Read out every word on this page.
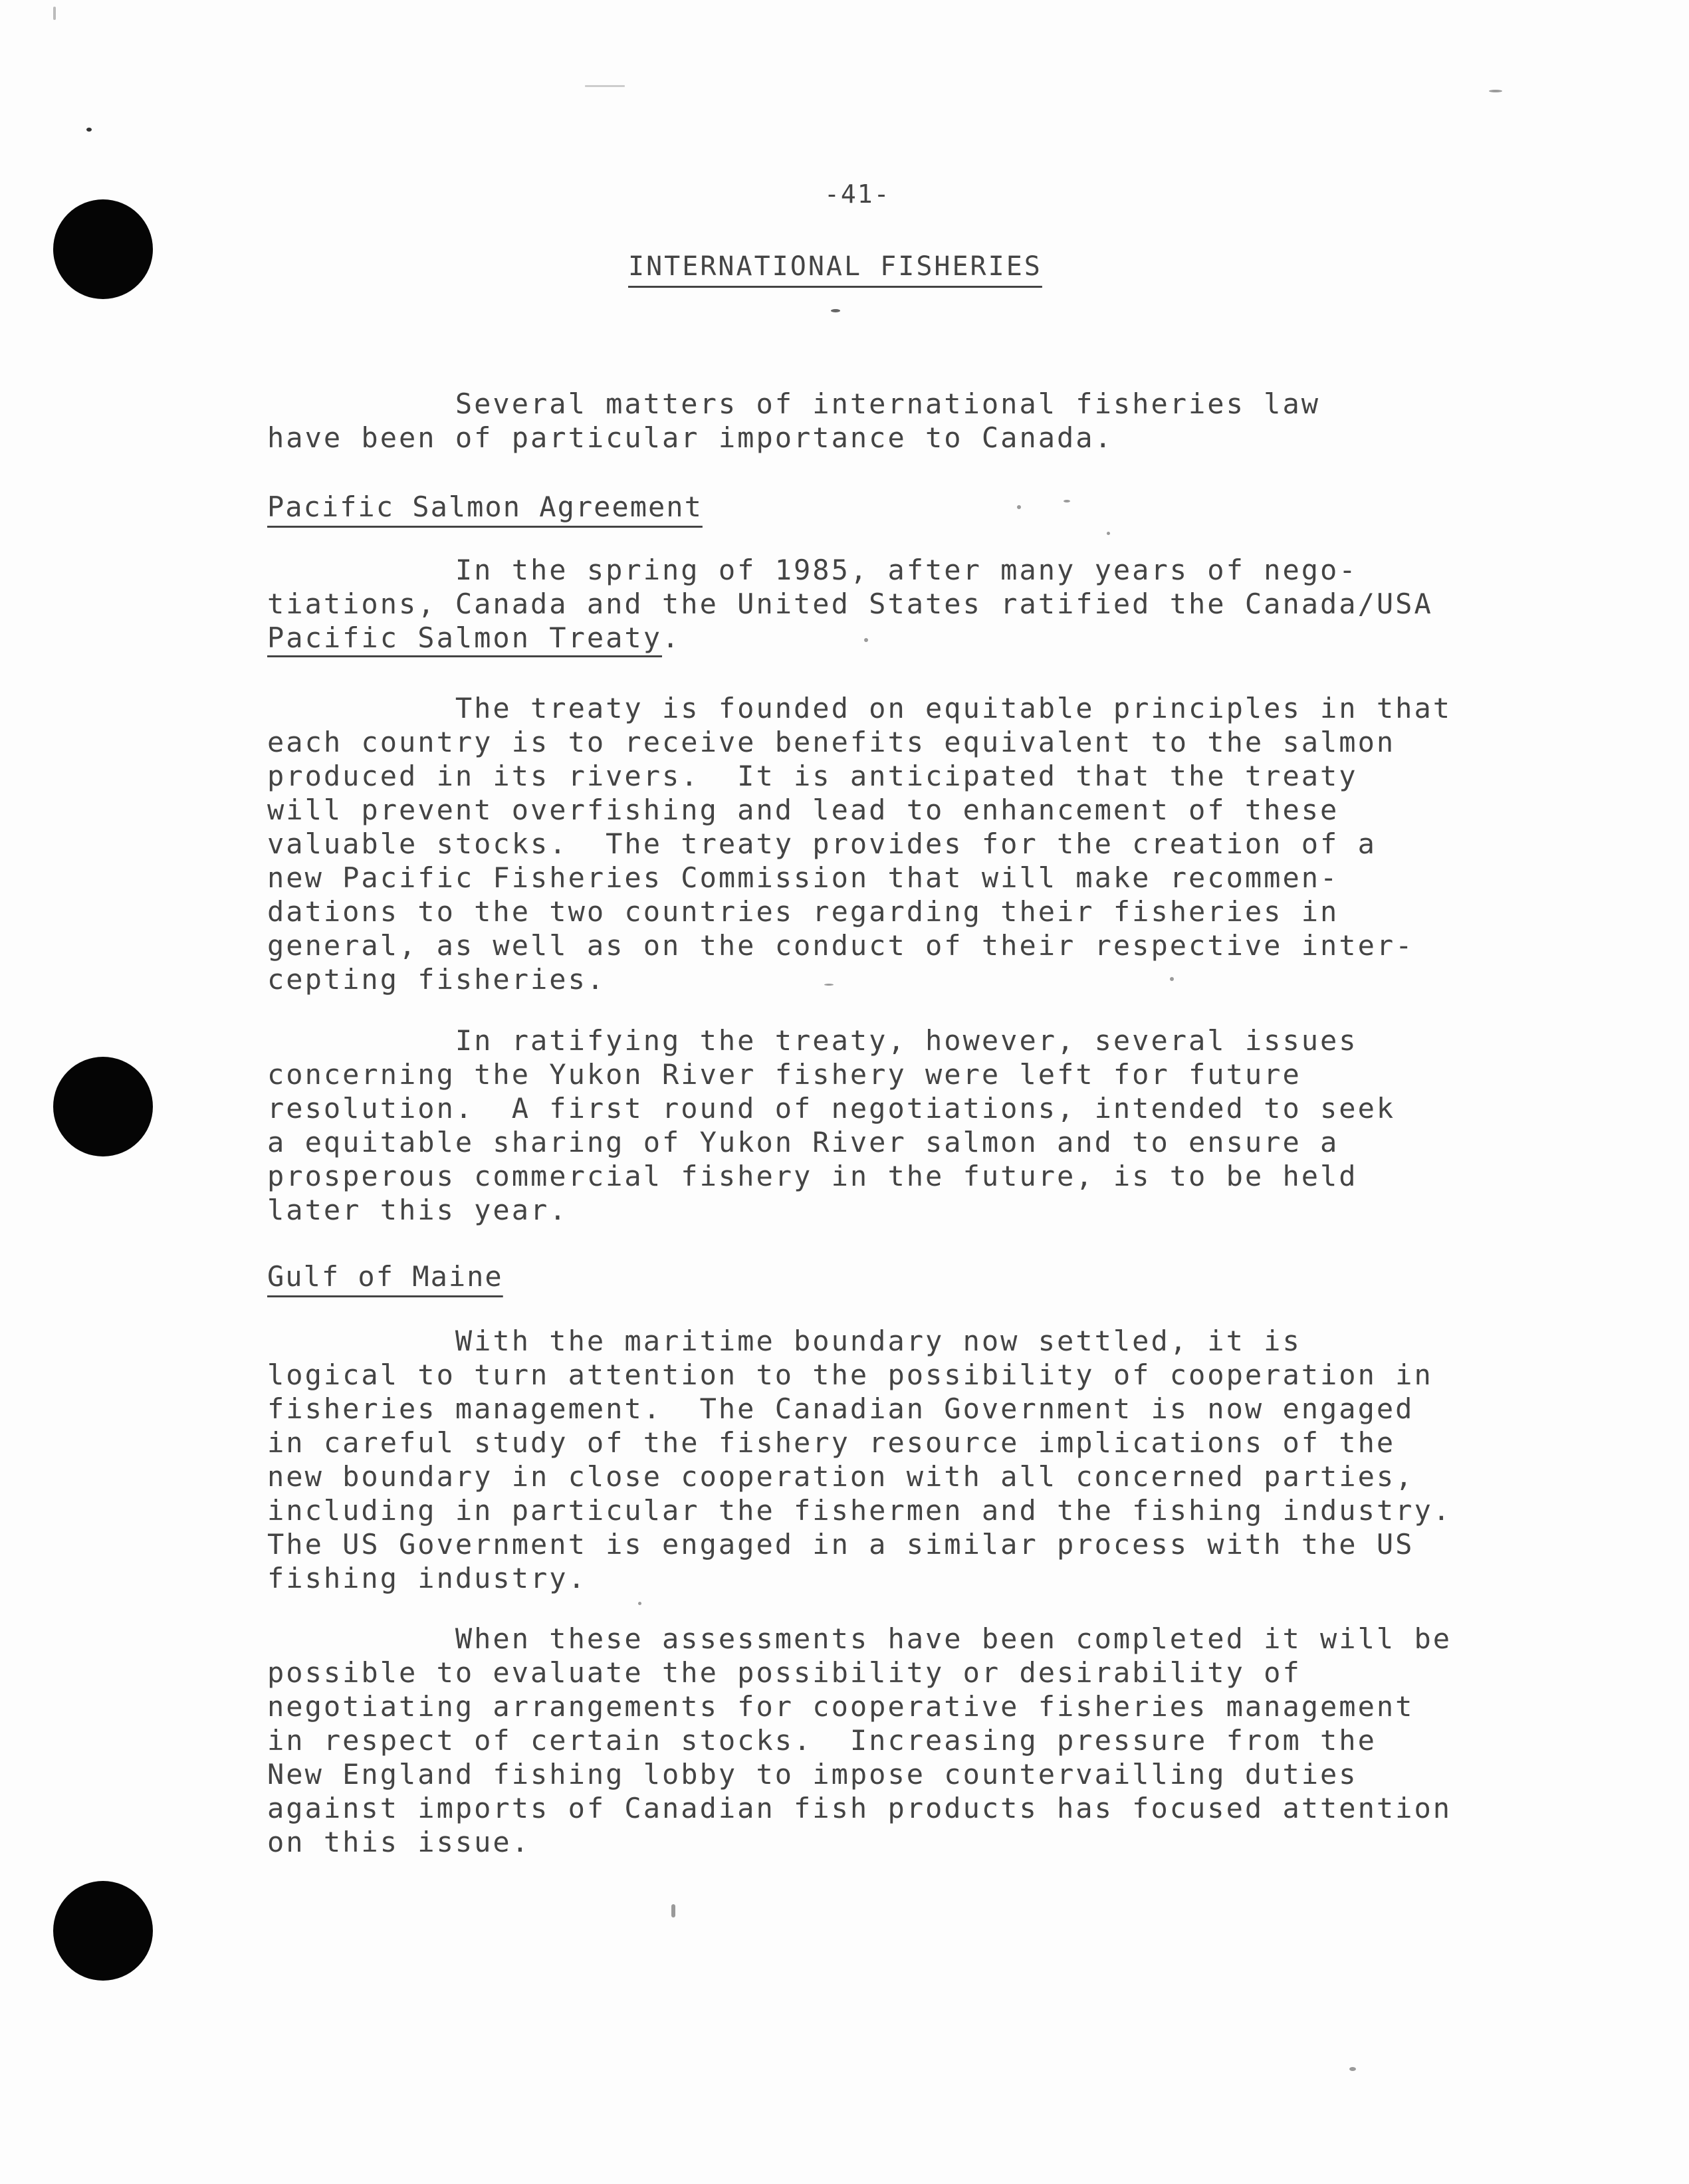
-41-
INTERNATIONAL FISHERIES
Several matters of international fisheries law
have been of particular importance to Canada.
Pacific Salmon Agreement
In the spring of 1985, after many years of nego-
tiations, Canada and the United States ratified the Canada/USA
Pacific Salmon Treaty.
The treaty is founded on equitable principles in that
each country is to receive benefits equivalent to the salmon
produced in its rivers.  It is anticipated that the treaty
will prevent overfishing and lead to enhancement of these
valuable stocks.  The treaty provides for the creation of a
new Pacific Fisheries Commission that will make recommen-
dations to the two countries regarding their fisheries in
general, as well as on the conduct of their respective inter-
cepting fisheries.
In ratifying the treaty, however, several issues
concerning the Yukon River fishery were left for future
resolution.  A first round of negotiations, intended to seek
a equitable sharing of Yukon River salmon and to ensure a
prosperous commercial fishery in the future, is to be held
later this year.
Gulf of Maine
With the maritime boundary now settled, it is
logical to turn attention to the possibility of cooperation in
fisheries management.  The Canadian Government is now engaged
in careful study of the fishery resource implications of the
new boundary in close cooperation with all concerned parties,
including in particular the fishermen and the fishing industry.
The US Government is engaged in a similar process with the US
fishing industry.
When these assessments have been completed it will be
possible to evaluate the possibility or desirability of
negotiating arrangements for cooperative fisheries management
in respect of certain stocks.  Increasing pressure from the
New England fishing lobby to impose countervailling duties
against imports of Canadian fish products has focused attention
on this issue.
